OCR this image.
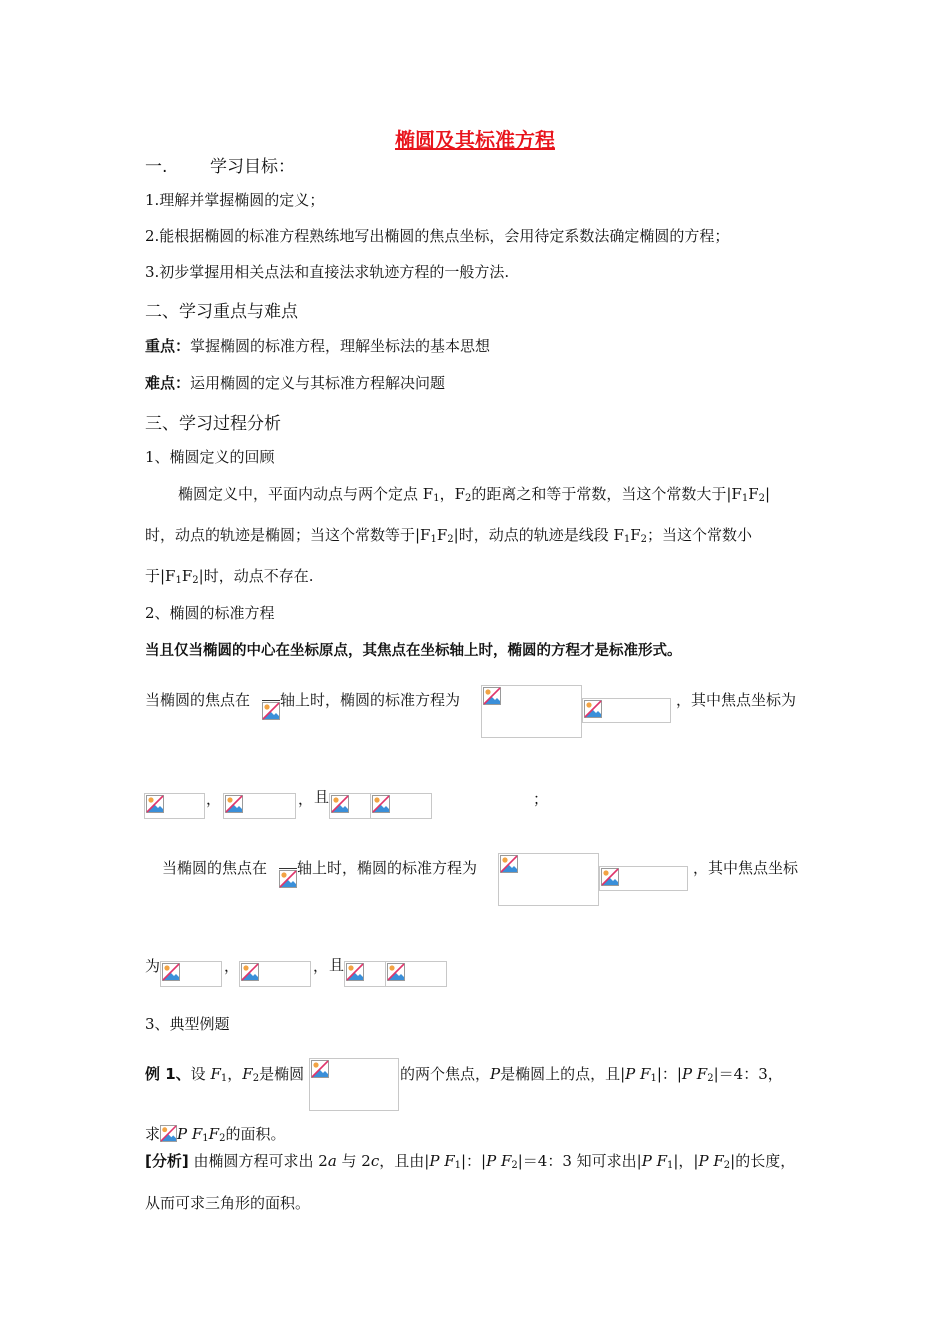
椭圆及其标准方程
一.	学习目标：
1.理解并掌握椭圆的定义；
2.能根据椭圆的标准方程熟练地写出椭圆的焦点坐标，会用待定系数法确定椭圆的方程；
3.初步掌握用相关点法和直接法求轨迹方程的一般方法.
二、学习重点与难点
重点：掌握椭圆的标准方程，理解坐标法的基本思想
难点：运用椭圆的定义与其标准方程解决问题
三、学习过程分析
1、椭圆定义的回顾
椭圆定义中，平面内动点与两个定点 $F_1$，$F_2$的距离之和等于常数，当这个常数大于$|F_1F_2|$
时，动点的轨迹是椭圆；当这个常数等于$|F_1F_2|$时，动点的轨迹是线段 $F_1F_2$；当这个常数小
于$|F_1F_2|$时，动点不存在.
2、椭圆的标准方程
当且仅当椭圆的中心在坐标原点，其焦点在坐标轴上时，椭圆的方程才是标准形式。
当椭圆的焦点在 轴上时，椭圆的标准方程为	，其中焦点坐标为
，	， 且	；
当椭圆的焦点在 轴上时，椭圆的标准方程为	，其中焦点坐标
为	，	， 且
3、典型例题
例 1、设 $F_1$，$F_2$是椭圆	的两个焦点，P是椭圆上的点，且|P $F_1|$：|P $F_2|=4$：3，
求 P $F_1F_2$的面积。
[分析] 由椭圆方程可求出 2a 与 2c，且由|P $F_1|$：|P $F_2|=4$：3 知可求出|P $F_1|$，|P $F_2|$的长度，
从而可求三角形的面积。
